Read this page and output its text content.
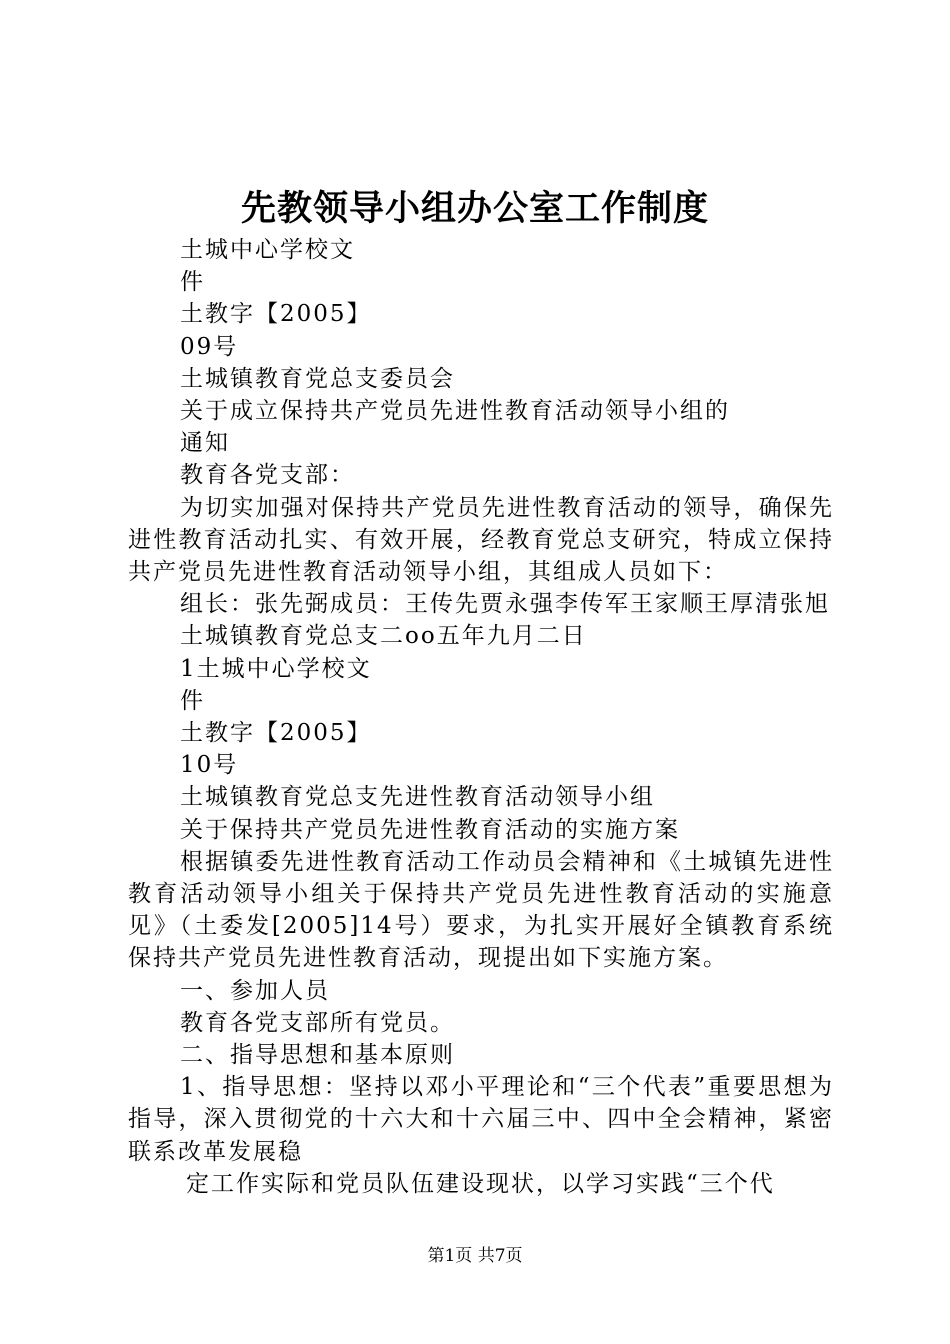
先教领导小组办公室工作制度

土城中心学校文

件

土教字【2005】

09号

土城镇教育党总支委员会

关于成立保持共产党员先进性教育活动领导小组的

通知

教育各党支部：

为切实加强对保持共产党员先进性教育活动的领导，确保先进性教育活动扎实、有效开展，经教育党总支研究，特成立保持共产党员先进性教育活动领导小组，其组成人员如下：

组长：张先弼成员：王传先贾永强李传军王家顺王厚清张旭

土城镇教育党总支二oo五年九月二日

1土城中心学校文

件

土教字【2005】

10号

土城镇教育党总支先进性教育活动领导小组

关于保持共产党员先进性教育活动的实施方案

根据镇委先进性教育活动工作动员会精神和《土城镇先进性教育活动领导小组关于保持共产党员先进性教育活动的实施意见》（土委发[2005]14号）要求，为扎实开展好全镇教育系统保持共产党员先进性教育活动，现提出如下实施方案。

一、参加人员

教育各党支部所有党员。

二、指导思想和基本原则

1、指导思想：坚持以邓小平理论和“三个代表”重要思想为指导，深入贯彻党的十六大和十六届三中、四中全会精神，紧密联系改革发展稳

定工作实际和党员队伍建设现状，以学习实践“三个代

第1页 共7页
